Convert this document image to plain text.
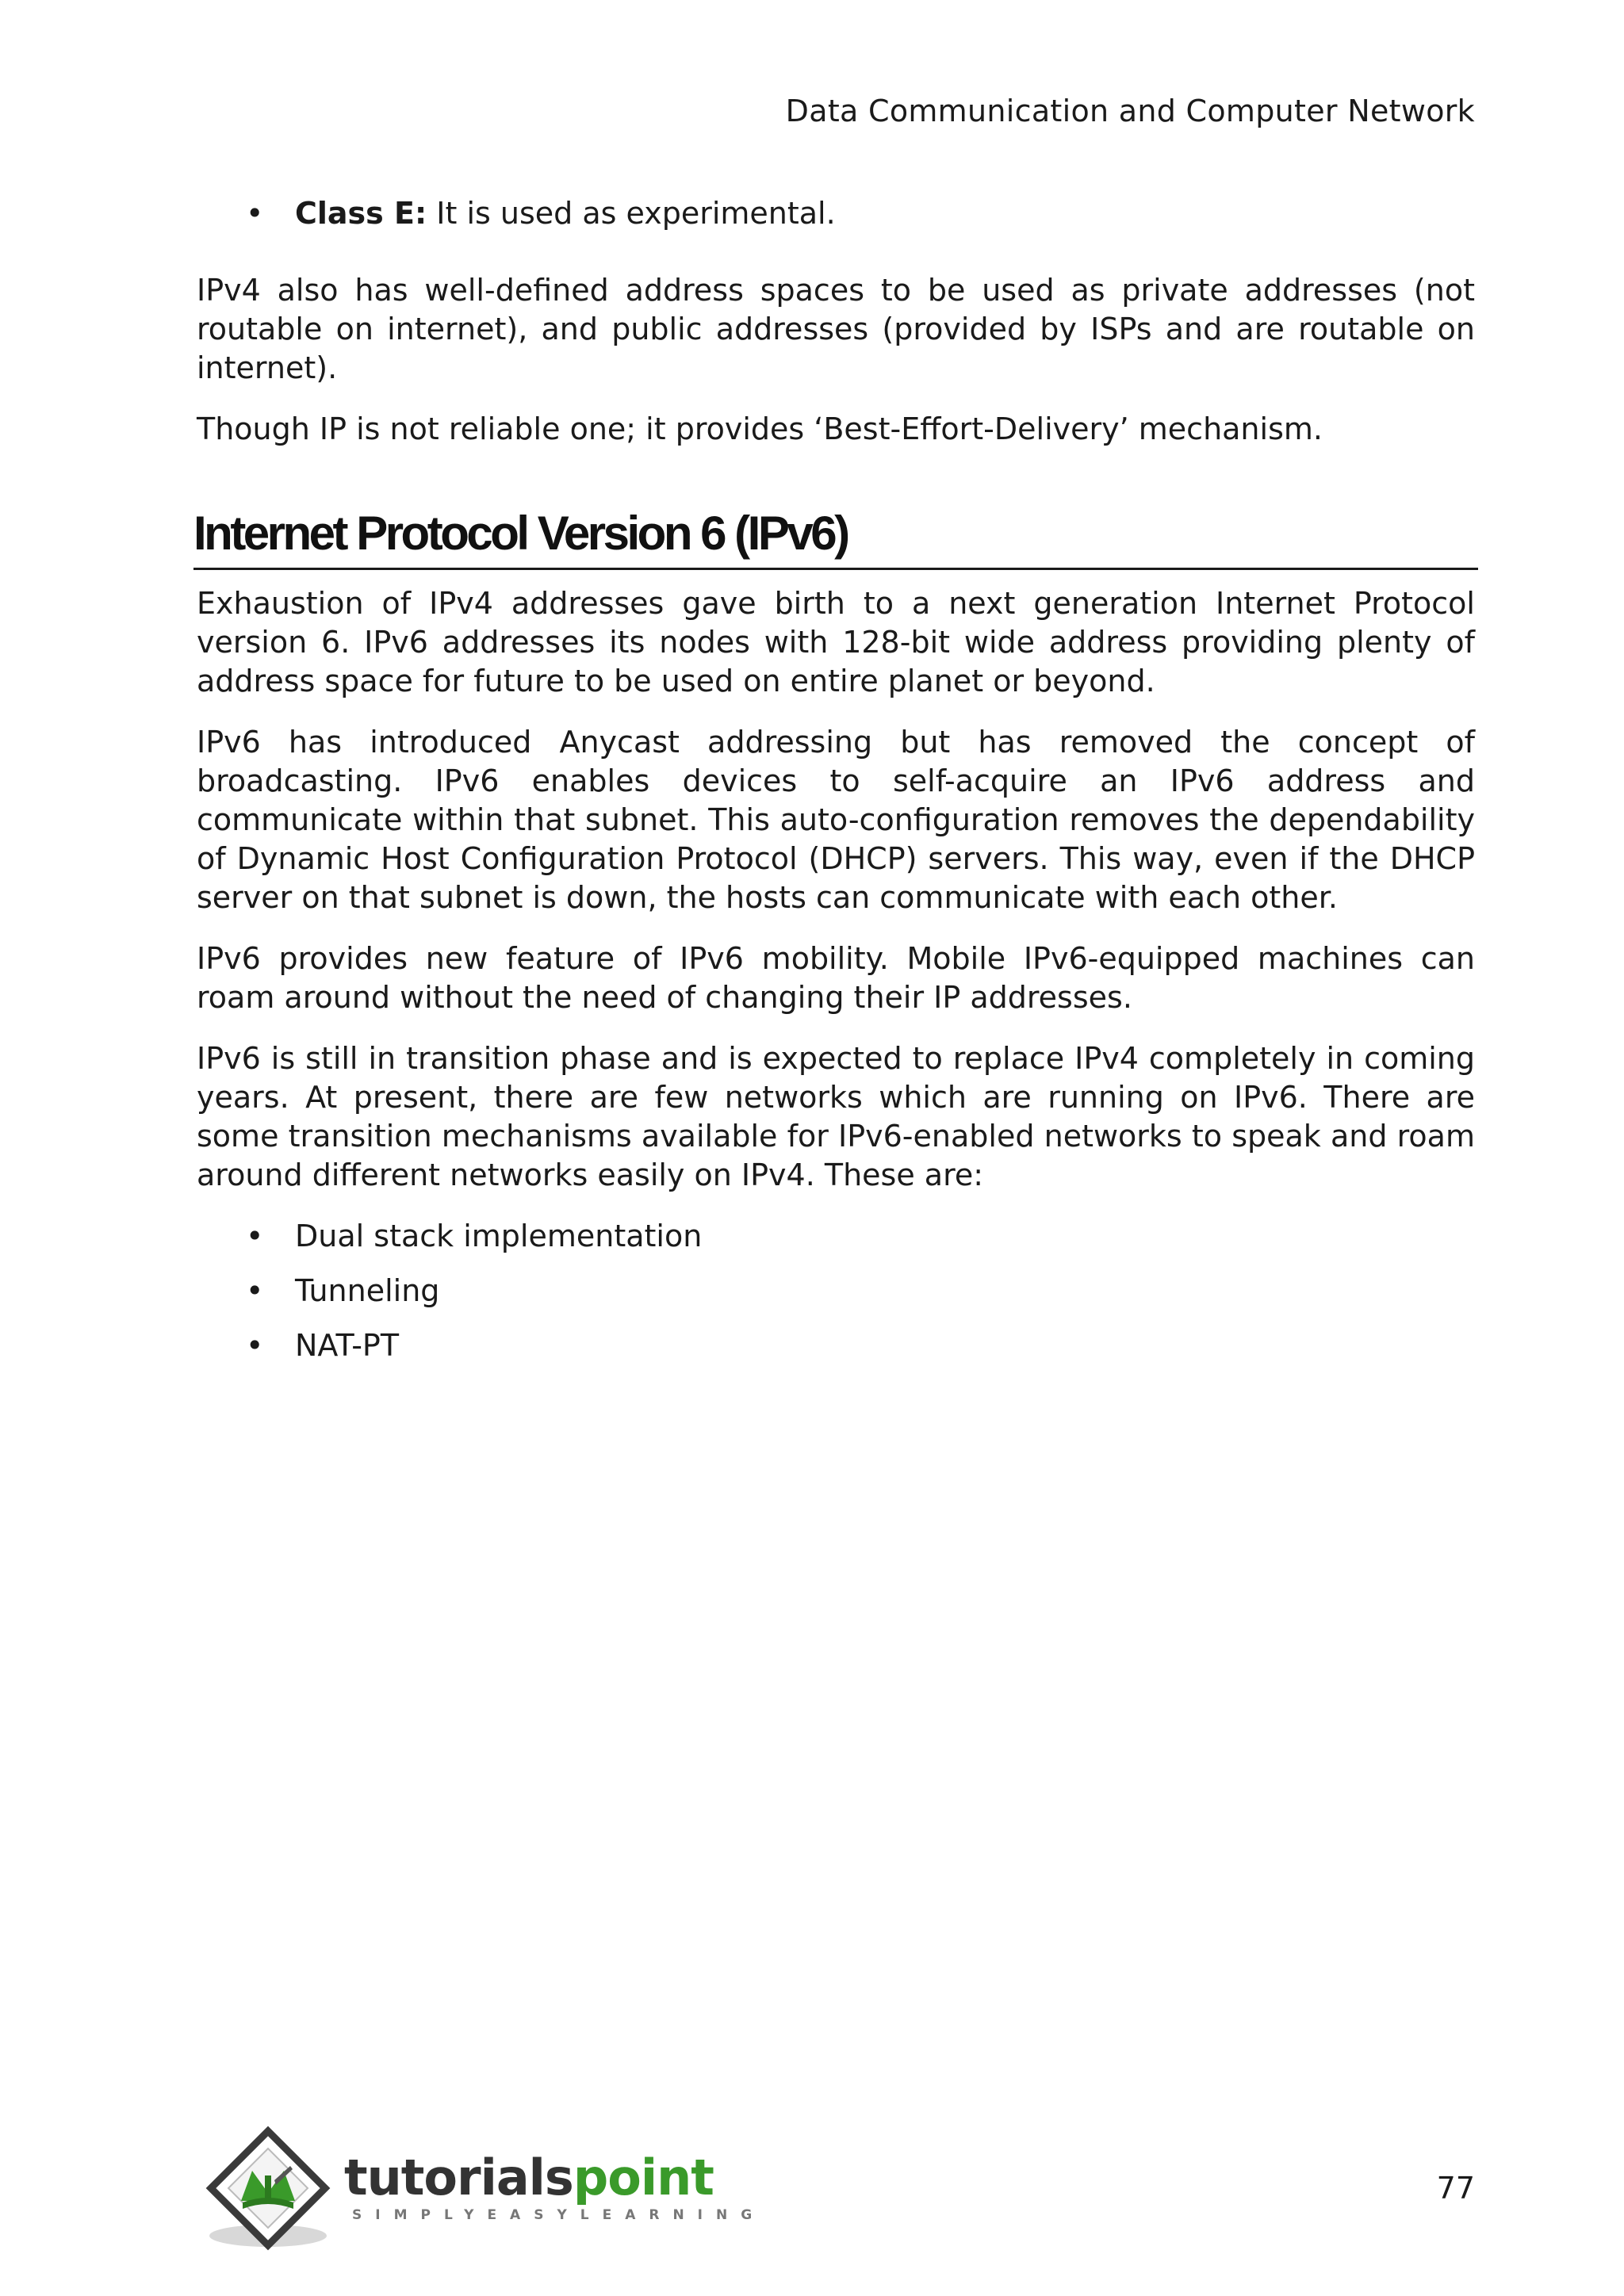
Data Communication and Computer Network
• Class E: It is used as experimental.

IPv4 also has well-defined address spaces to be used as private addresses (not routable on internet), and public addresses (provided by ISPs and are routable on internet).

Though IP is not reliable one; it provides ‘Best-Effort-Delivery’ mechanism.

Internet Protocol Version 6 (IPv6)

Exhaustion of IPv4 addresses gave birth to a next generation Internet Protocol version 6. IPv6 addresses its nodes with 128-bit wide address providing plenty of address space for future to be used on entire planet or beyond.

IPv6 has introduced Anycast addressing but has removed the concept of broadcasting. IPv6 enables devices to self-acquire an IPv6 address and communicate within that subnet. This auto-configuration removes the dependability of Dynamic Host Configuration Protocol (DHCP) servers. This way, even if the DHCP server on that subnet is down, the hosts can communicate with each other.

IPv6 provides new feature of IPv6 mobility. Mobile IPv6-equipped machines can roam around without the need of changing their IP addresses.

IPv6 is still in transition phase and is expected to replace IPv4 completely in coming years. At present, there are few networks which are running on IPv6. There are some transition mechanisms available for IPv6-enabled networks to speak and roam around different networks easily on IPv4. These are:

• Dual stack implementation
• Tunneling
• NAT-PT
tutorialspoint
SIMPLYEASYLEARNING
77
